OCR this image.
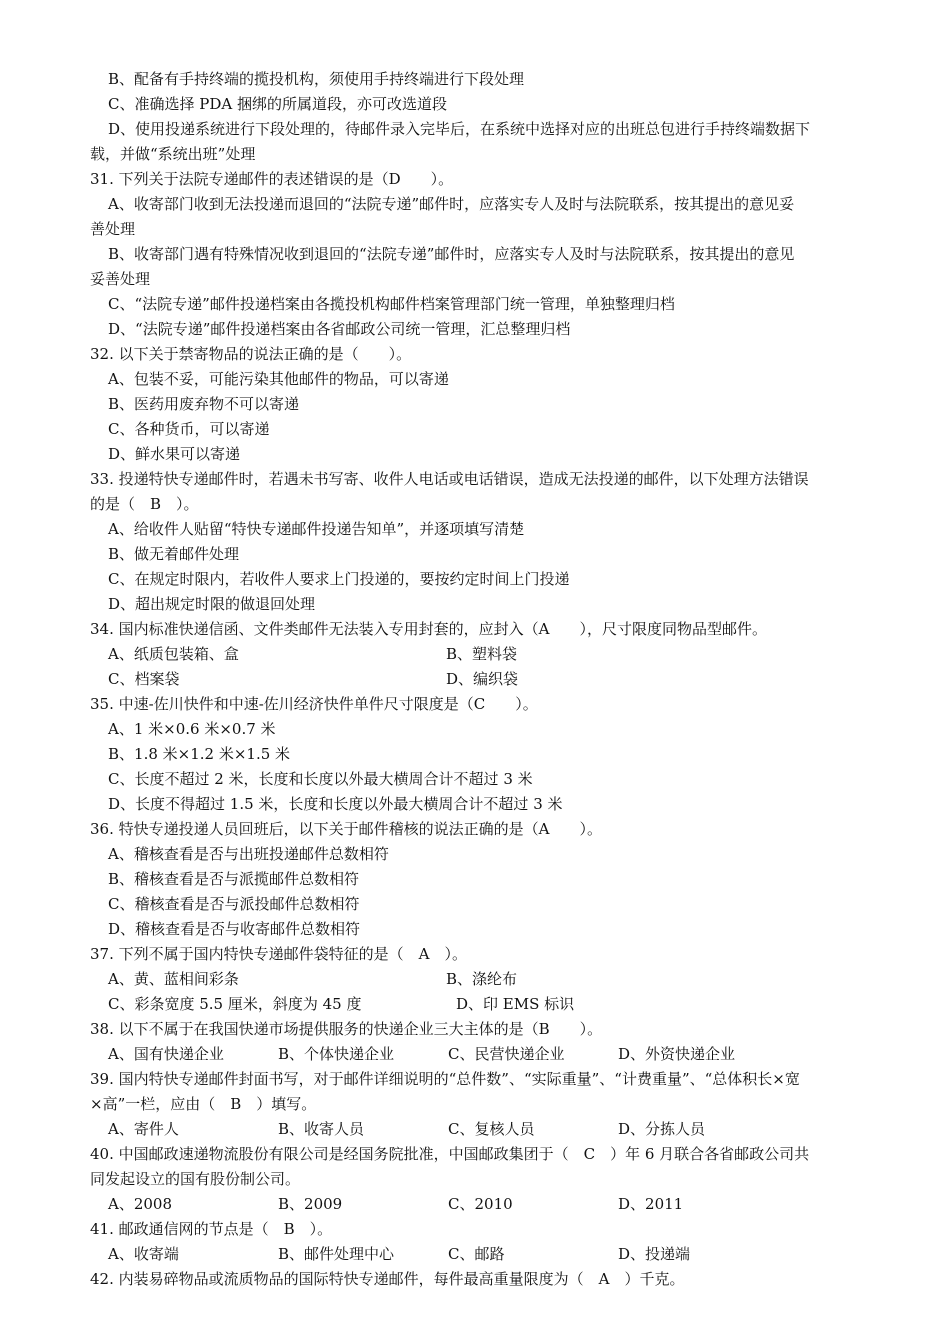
B、配备有手持终端的揽投机构，须使用手持终端进行下段处理
C、准确选择 PDA 捆绑的所属道段，亦可改选道段
D、使用投递系统进行下段处理的，待邮件录入完毕后，在系统中选择对应的出班总包进行手持终端数据下
载，并做“系统出班”处理
31. 下列关于法院专递邮件的表述错误的是（D　　）。
A、收寄部门收到无法投递而退回的“法院专递”邮件时，应落实专人及时与法院联系，按其提出的意见妥
善处理
B、收寄部门遇有特殊情况收到退回的“法院专递”邮件时，应落实专人及时与法院联系，按其提出的意见
妥善处理
C、“法院专递”邮件投递档案由各揽投机构邮件档案管理部门统一管理，单独整理归档
D、“法院专递”邮件投递档案由各省邮政公司统一管理，汇总整理归档
32. 以下关于禁寄物品的说法正确的是（　　）。
A、包装不妥，可能污染其他邮件的物品，可以寄递
B、医药用废弃物不可以寄递
C、各种货币，可以寄递
D、鲜水果可以寄递
33. 投递特快专递邮件时，若遇未书写寄、收件人电话或电话错误，造成无法投递的邮件，以下处理方法错误
的是（　B　）。
A、给收件人贴留“特快专递邮件投递告知单”，并逐项填写清楚
B、做无着邮件处理
C、在规定时限内，若收件人要求上门投递的，要按约定时间上门投递
D、超出规定时限的做退回处理
34. 国内标准快递信函、文件类邮件无法装入专用封套的，应封入（A　　），尺寸限度同物品型邮件。
A、纸质包装箱、盒	B、塑料袋
C、档案袋	D、编织袋
35. 中速-佐川快件和中速-佐川经济快件单件尺寸限度是（C　　）。
A、1 米×0.6 米×0.7 米
B、1.8 米×1.2 米×1.5 米
C、长度不超过 2 米，长度和长度以外最大横周合计不超过 3 米
D、长度不得超过 1.5 米，长度和长度以外最大横周合计不超过 3 米
36. 特快专递投递人员回班后，以下关于邮件稽核的说法正确的是（A　　）。
A、稽核查看是否与出班投递邮件总数相符
B、稽核查看是否与派揽邮件总数相符
C、稽核查看是否与派投邮件总数相符
D、稽核查看是否与收寄邮件总数相符
37. 下列不属于国内特快专递邮件袋特征的是（　A　）。
A、黄、蓝相间彩条	B、涤纶布
C、彩条宽度 5.5 厘米，斜度为 45 度	D、印 EMS 标识
38. 以下不属于在我国快递市场提供服务的快递企业三大主体的是（B　　）。
A、国有快递企业	B、个体快递企业	C、民营快递企业	D、外资快递企业
39. 国内特快专递邮件封面书写，对于邮件详细说明的“总件数”、“实际重量”、“计费重量”、“总体积长×宽
×高”一栏，应由（　B　）填写。
A、寄件人	B、收寄人员	C、复核人员	D、分拣人员
40. 中国邮政速递物流股份有限公司是经国务院批准，中国邮政集团于（　C　）年 6 月联合各省邮政公司共
同发起设立的国有股份制公司。
A、2008	B、2009	C、2010	D、2011
41. 邮政通信网的节点是（　B　）。
A、收寄端	B、邮件处理中心	C、邮路	D、投递端
42. 内装易碎物品或流质物品的国际特快专递邮件，每件最高重量限度为（　A　）千克。
